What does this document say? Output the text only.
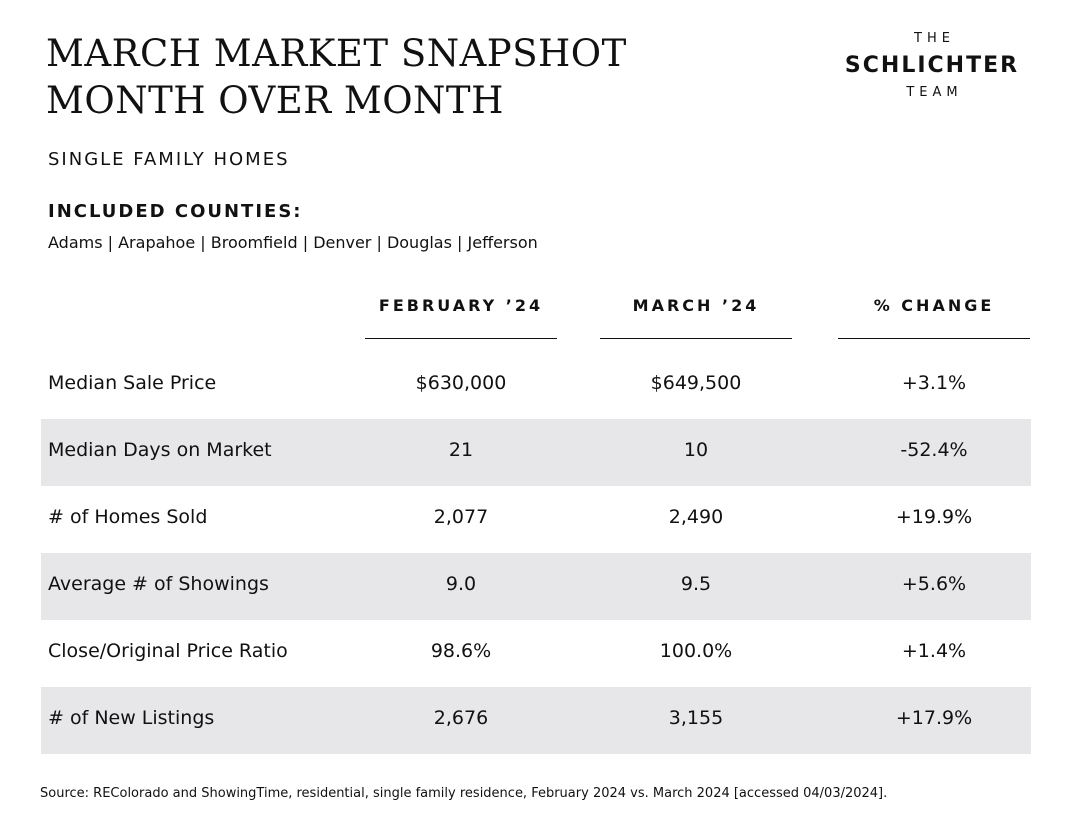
MARCH MARKET SNAPSHOT
MONTH OVER MONTH
THE
SCHLICHTER
TEAM
SINGLE FAMILY HOMES
INCLUDED COUNTIES:
Adams | Arapahoe | Broomfield | Denver | Douglas | Jefferson
FEBRUARY ’24	MARCH ’24	% CHANGE
Median Sale Price	$630,000	$649,500	+3.1%
Median Days on Market	21	10	-52.4%
# of Homes Sold	2,077	2,490	+19.9%
Average # of Showings	9.0	9.5	+5.6%
Close/Original Price Ratio	98.6%	100.0%	+1.4%
# of New Listings	2,676	3,155	+17.9%
Source: REColorado and ShowingTime, residential, single family residence, February 2024 vs. March 2024 [accessed 04/03/2024].
